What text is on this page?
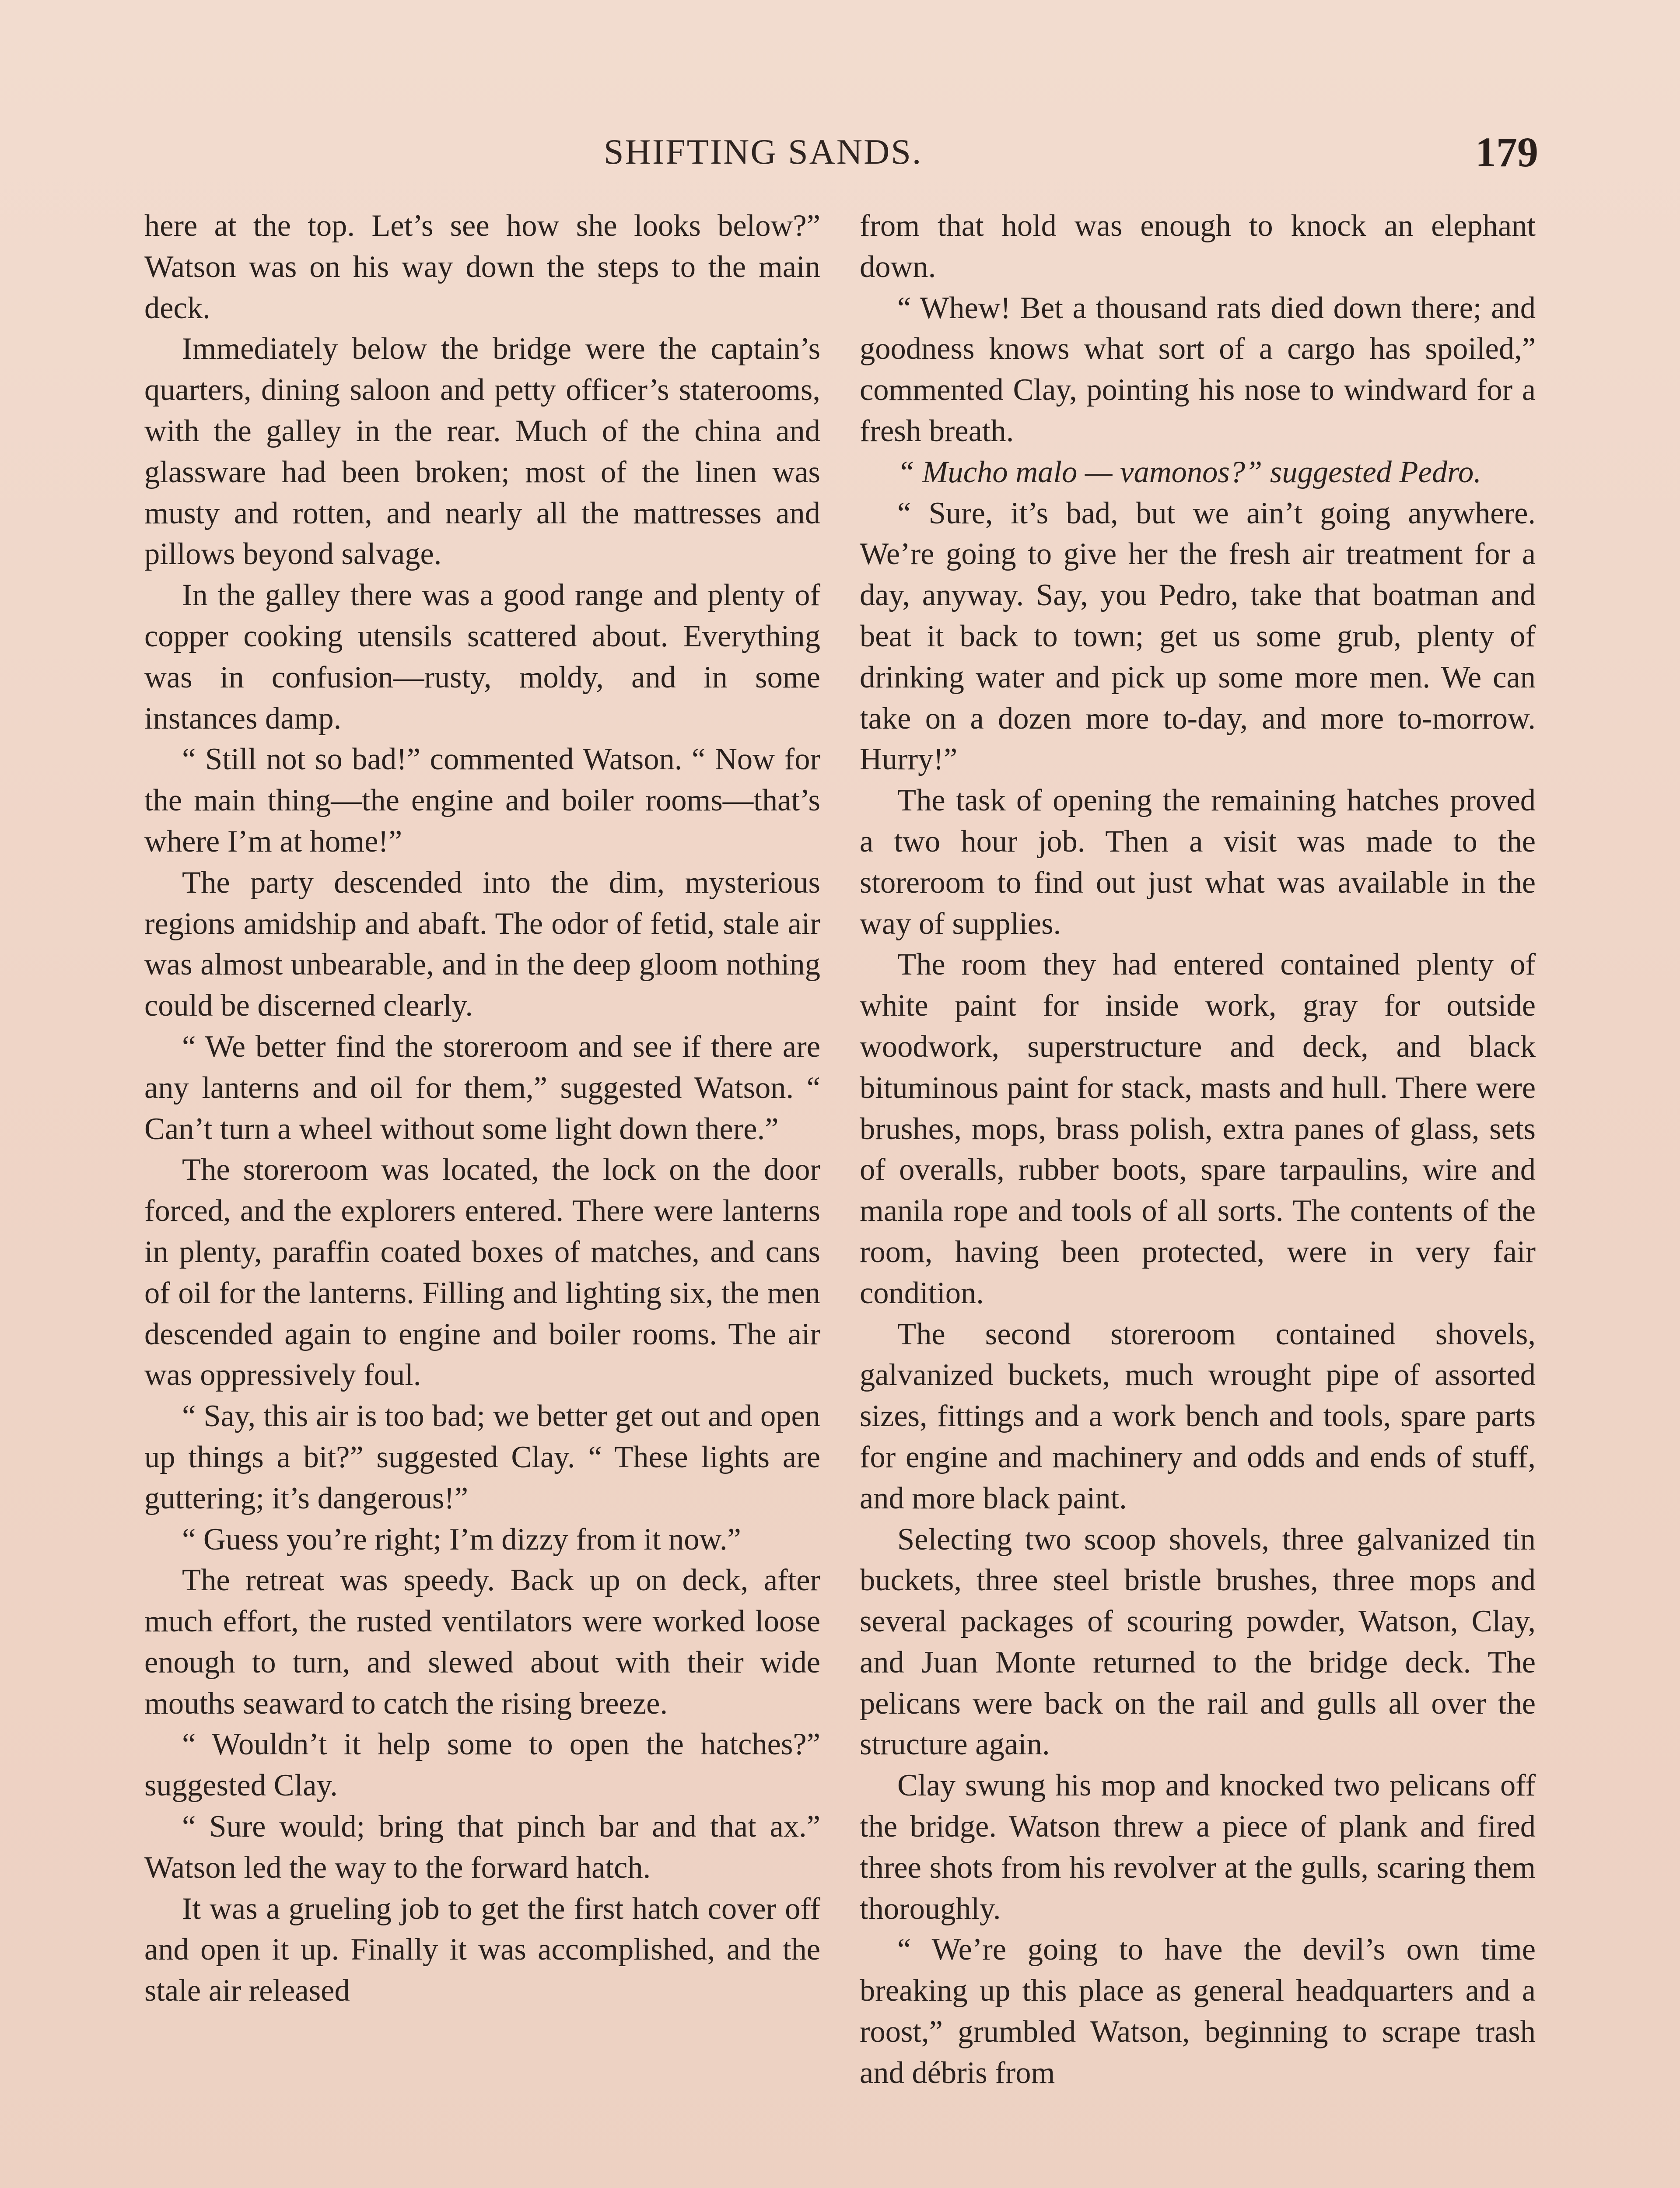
SHIFTING SANDS.	179

here at the top. Let’s see how she looks below?” Watson was on his way down the steps to the main deck.

Immediately below the bridge were the captain’s quarters, dining saloon and petty officer’s staterooms, with the galley in the rear. Much of the china and glassware had been broken; most of the linen was musty and rotten, and nearly all the mattresses and pillows beyond salvage.

In the galley there was a good range and plenty of copper cooking utensils scattered about. Everything was in confusion—rusty, moldy, and in some instances damp.

“ Still not so bad!” commented Watson. “ Now for the main thing—the engine and boiler rooms—that’s where I’m at home!”

The party descended into the dim, mysterious regions amidship and abaft. The odor of fetid, stale air was almost unbearable, and in the deep gloom nothing could be discerned clearly.

“ We better find the storeroom and see if there are any lanterns and oil for them,” suggested Watson. “ Can’t turn a wheel without some light down there.”

The storeroom was located, the lock on the door forced, and the explorers entered. There were lanterns in plenty, paraffin coated boxes of matches, and cans of oil for the lanterns. Filling and lighting six, the men descended again to engine and boiler rooms. The air was oppressively foul.

“ Say, this air is too bad; we better get out and open up things a bit?” suggested Clay. “ These lights are guttering; it’s dangerous!”

“ Guess you’re right; I’m dizzy from it now.”

The retreat was speedy. Back up on deck, after much effort, the rusted ventilators were worked loose enough to turn, and slewed about with their wide mouths seaward to catch the rising breeze.

“ Wouldn’t it help some to open the hatches?” suggested Clay.

“ Sure would; bring that pinch bar and that ax.” Watson led the way to the forward hatch.

It was a grueling job to get the first hatch cover off and open it up. Finally it was accomplished, and the stale air released

from that hold was enough to knock an elephant down.

“ Whew! Bet a thousand rats died down there; and goodness knows what sort of a cargo has spoiled,” commented Clay, pointing his nose to windward for a fresh breath.

“ Mucho malo — vamonos?” suggested Pedro.

“ Sure, it’s bad, but we ain’t going anywhere. We’re going to give her the fresh air treatment for a day, anyway. Say, you Pedro, take that boatman and beat it back to town; get us some grub, plenty of drinking water and pick up some more men. We can take on a dozen more to-day, and more to-morrow. Hurry!”

The task of opening the remaining hatches proved a two hour job. Then a visit was made to the storeroom to find out just what was available in the way of supplies.

The room they had entered contained plenty of white paint for inside work, gray for outside woodwork, superstructure and deck, and black bituminous paint for stack, masts and hull. There were brushes, mops, brass polish, extra panes of glass, sets of overalls, rubber boots, spare tarpaulins, wire and manila rope and tools of all sorts. The contents of the room, having been protected, were in very fair condition.

The second storeroom contained shovels, galvanized buckets, much wrought pipe of assorted sizes, fittings and a work bench and tools, spare parts for engine and machinery and odds and ends of stuff, and more black paint.

Selecting two scoop shovels, three galvanized tin buckets, three steel bristle brushes, three mops and several packages of scouring powder, Watson, Clay, and Juan Monte returned to the bridge deck. The pelicans were back on the rail and gulls all over the structure again.

Clay swung his mop and knocked two pelicans off the bridge. Watson threw a piece of plank and fired three shots from his revolver at the gulls, scaring them thoroughly.

“ We’re going to have the devil’s own time breaking up this place as general headquarters and a roost,” grumbled Watson, beginning to scrape trash and débris from
